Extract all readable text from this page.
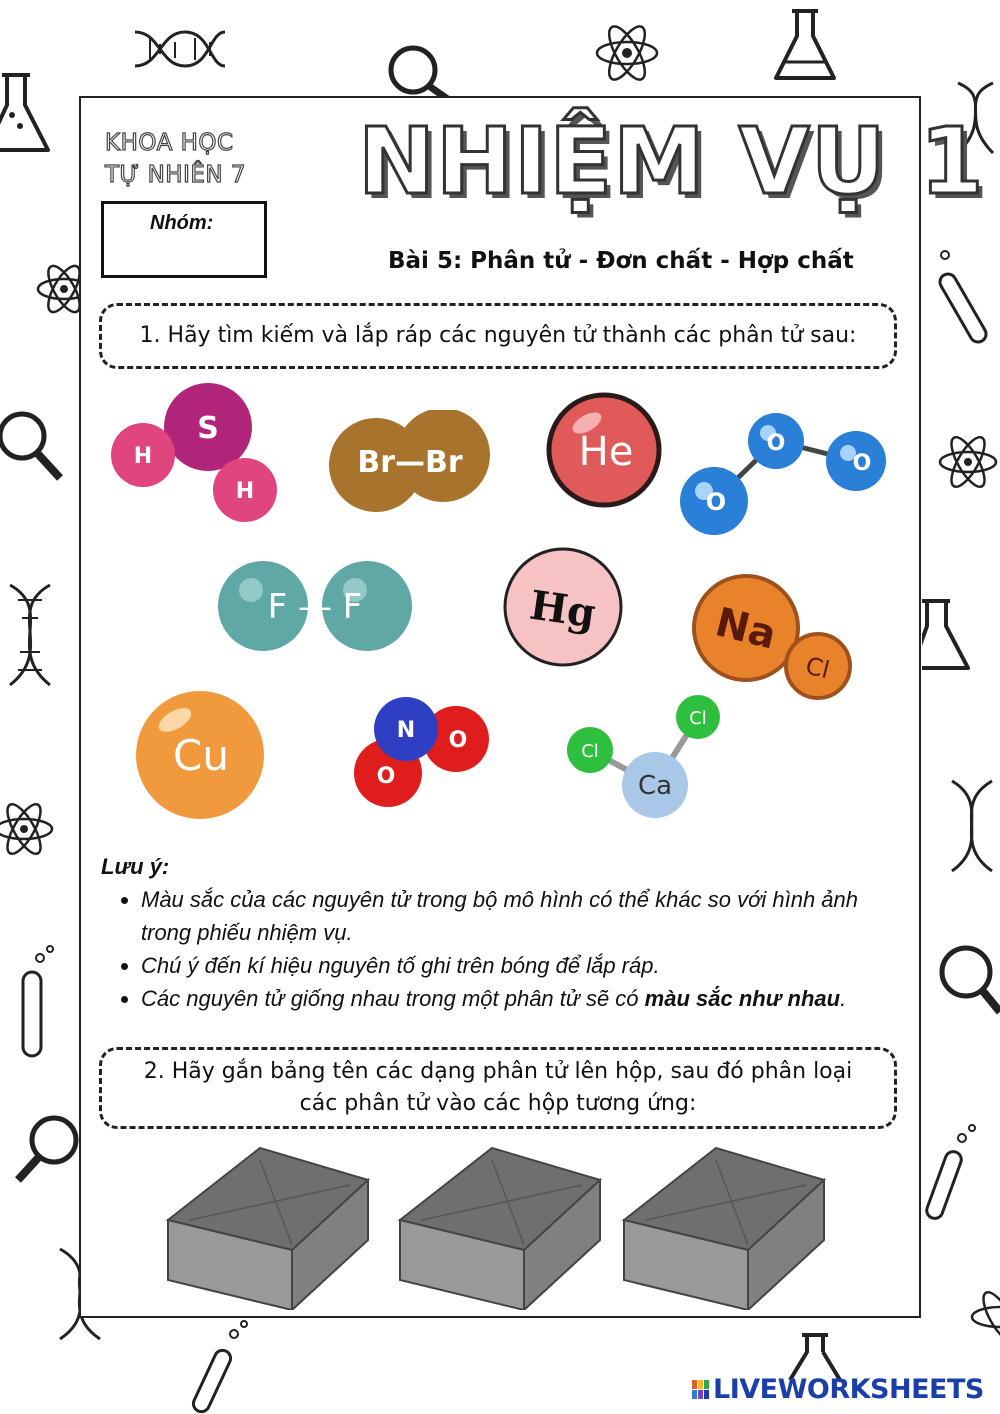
KHOA HỌC
TỰ NHIÊN 7
Nhóm:
NHIỆM VỤ 1
Bài 5: Phân tử - Đơn chất - Hợp chất
1. Hãy tìm kiếm và lắp ráp các nguyên tử thành các phân tử sau:
S
H
H
Br—Br	He	O
O
O
F — F	Hg	Na
Cl
Cu
N O
O
Cl
Cl
Ca
Lưu ý:
• Màu sắc của các nguyên tử trong bộ mô hình có thể khác so với hình ảnh trong phiếu nhiệm vụ.
• Chú ý đến kí hiệu nguyên tố ghi trên bóng để lắp ráp.
• Các nguyên tử giống nhau trong một phân tử sẽ có màu sắc như nhau.
2. Hãy gắn bảng tên các dạng phân tử lên hộp, sau đó phân loại
các phân tử vào các hộp tương ứng:
LIVEWORKSHEETS
